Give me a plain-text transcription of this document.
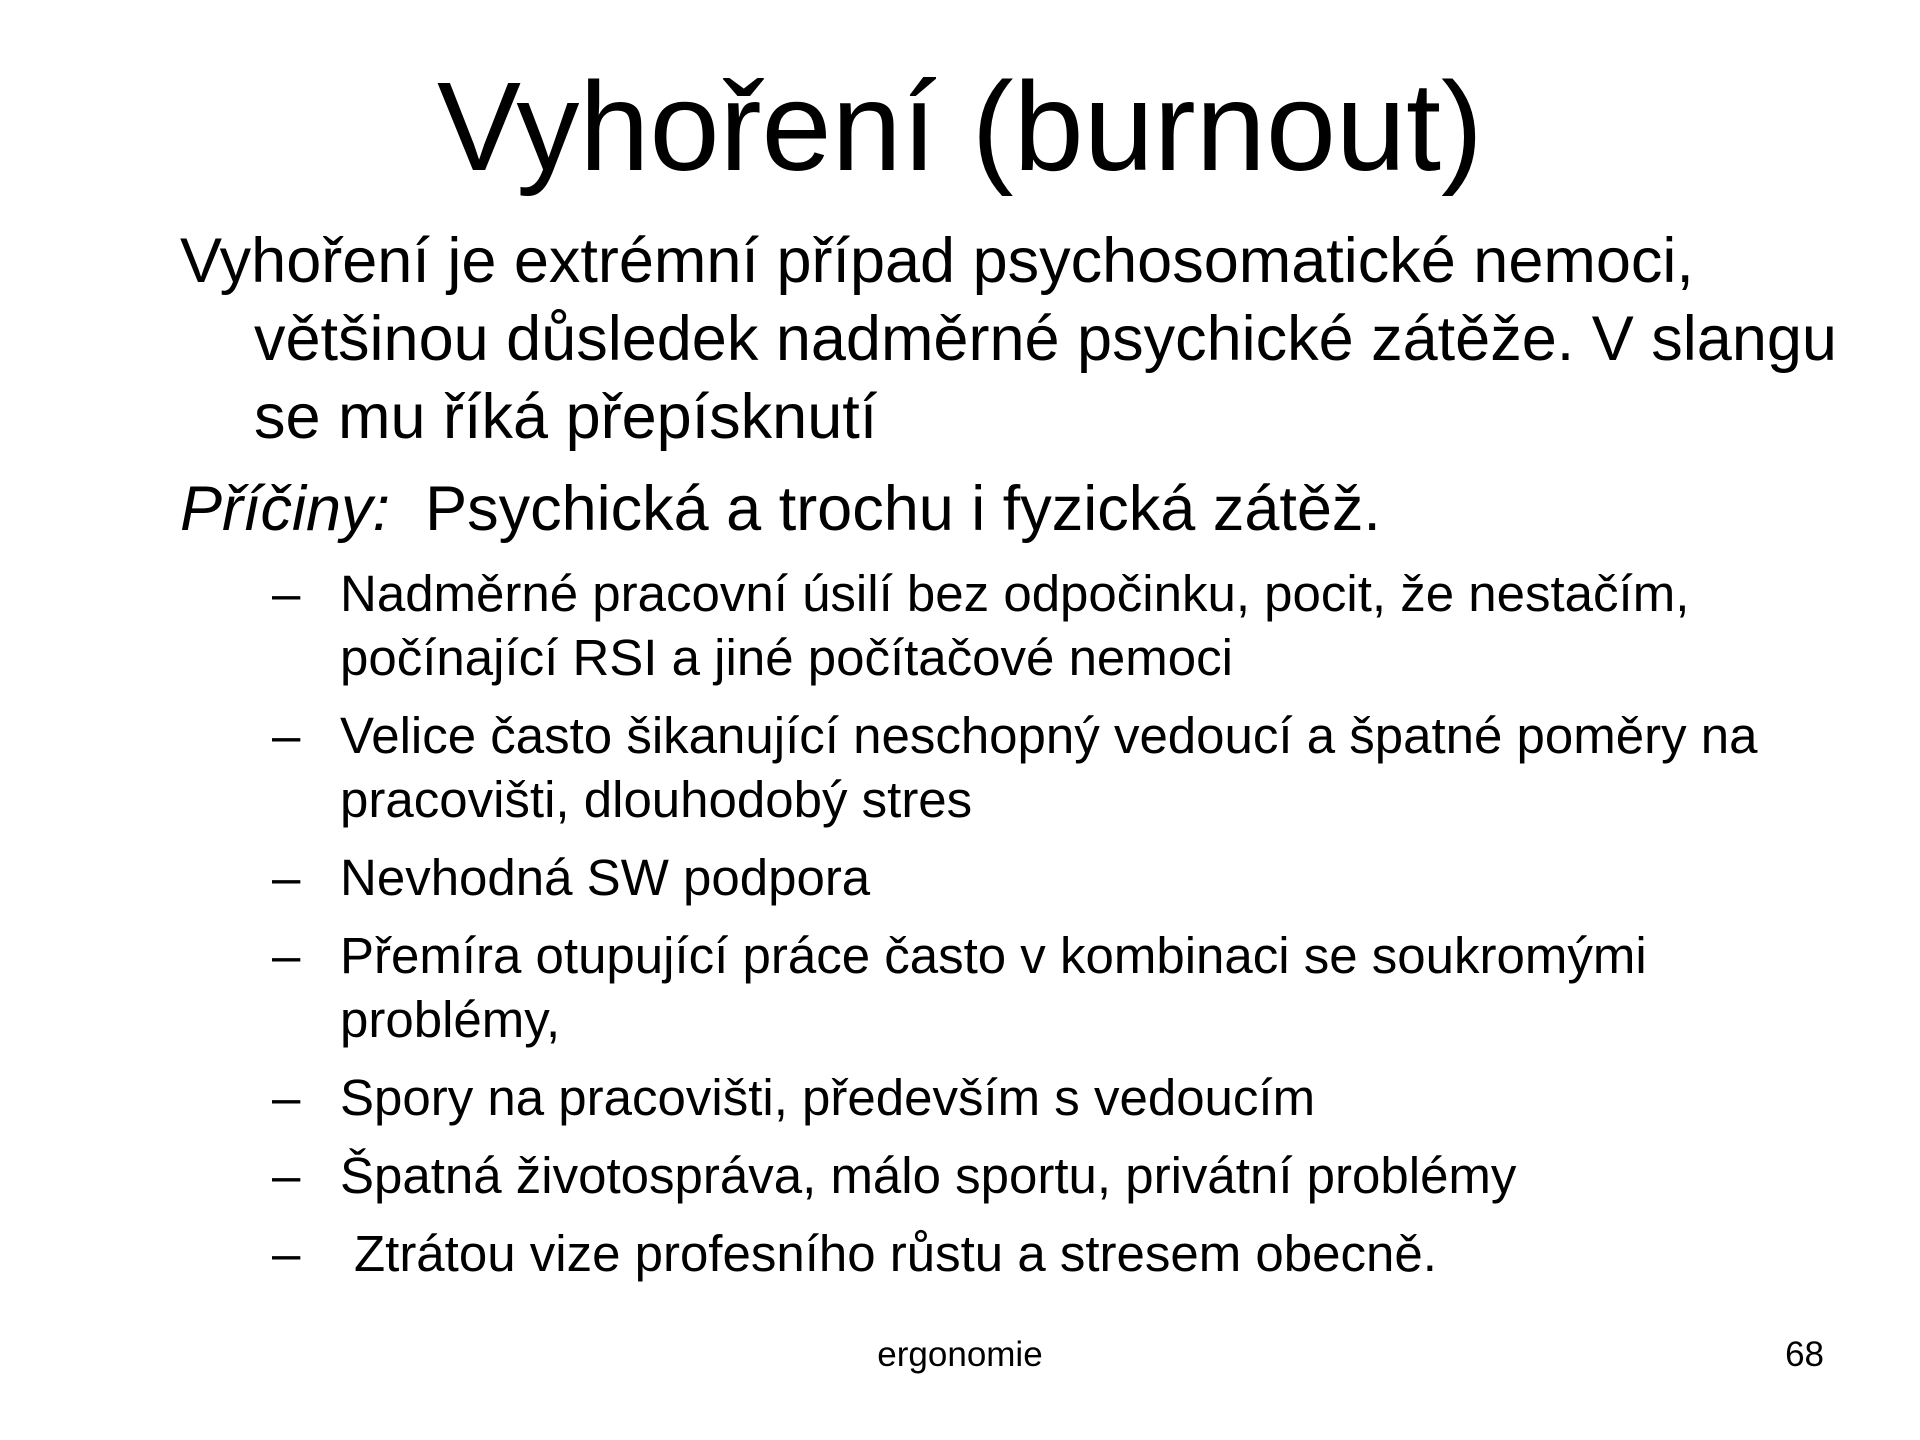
Vyhoření (burnout)

Vyhoření je extrémní případ psychosomatické nemoci, většinou důsledek nadměrné psychické zátěže. V slangu se mu říká přepísknutí

Příčiny: Psychická a trochu i fyzická zátěž.

– Nadměrné pracovní úsilí bez odpočinku, pocit, že nestačím, počínající RSI a jiné počítačové nemoci
– Velice často šikanující neschopný vedoucí a špatné poměry na pracovišti, dlouhodobý stres
– Nevhodná SW podpora
– Přemíra otupující práce často v kombinaci se soukromými problémy,
– Spory na pracovišti, především s vedoucím
– Špatná životospráva, málo sportu, privátní problémy
–	Ztrátou vize profesního růstu a stresem obecně.
ergonomie	68
